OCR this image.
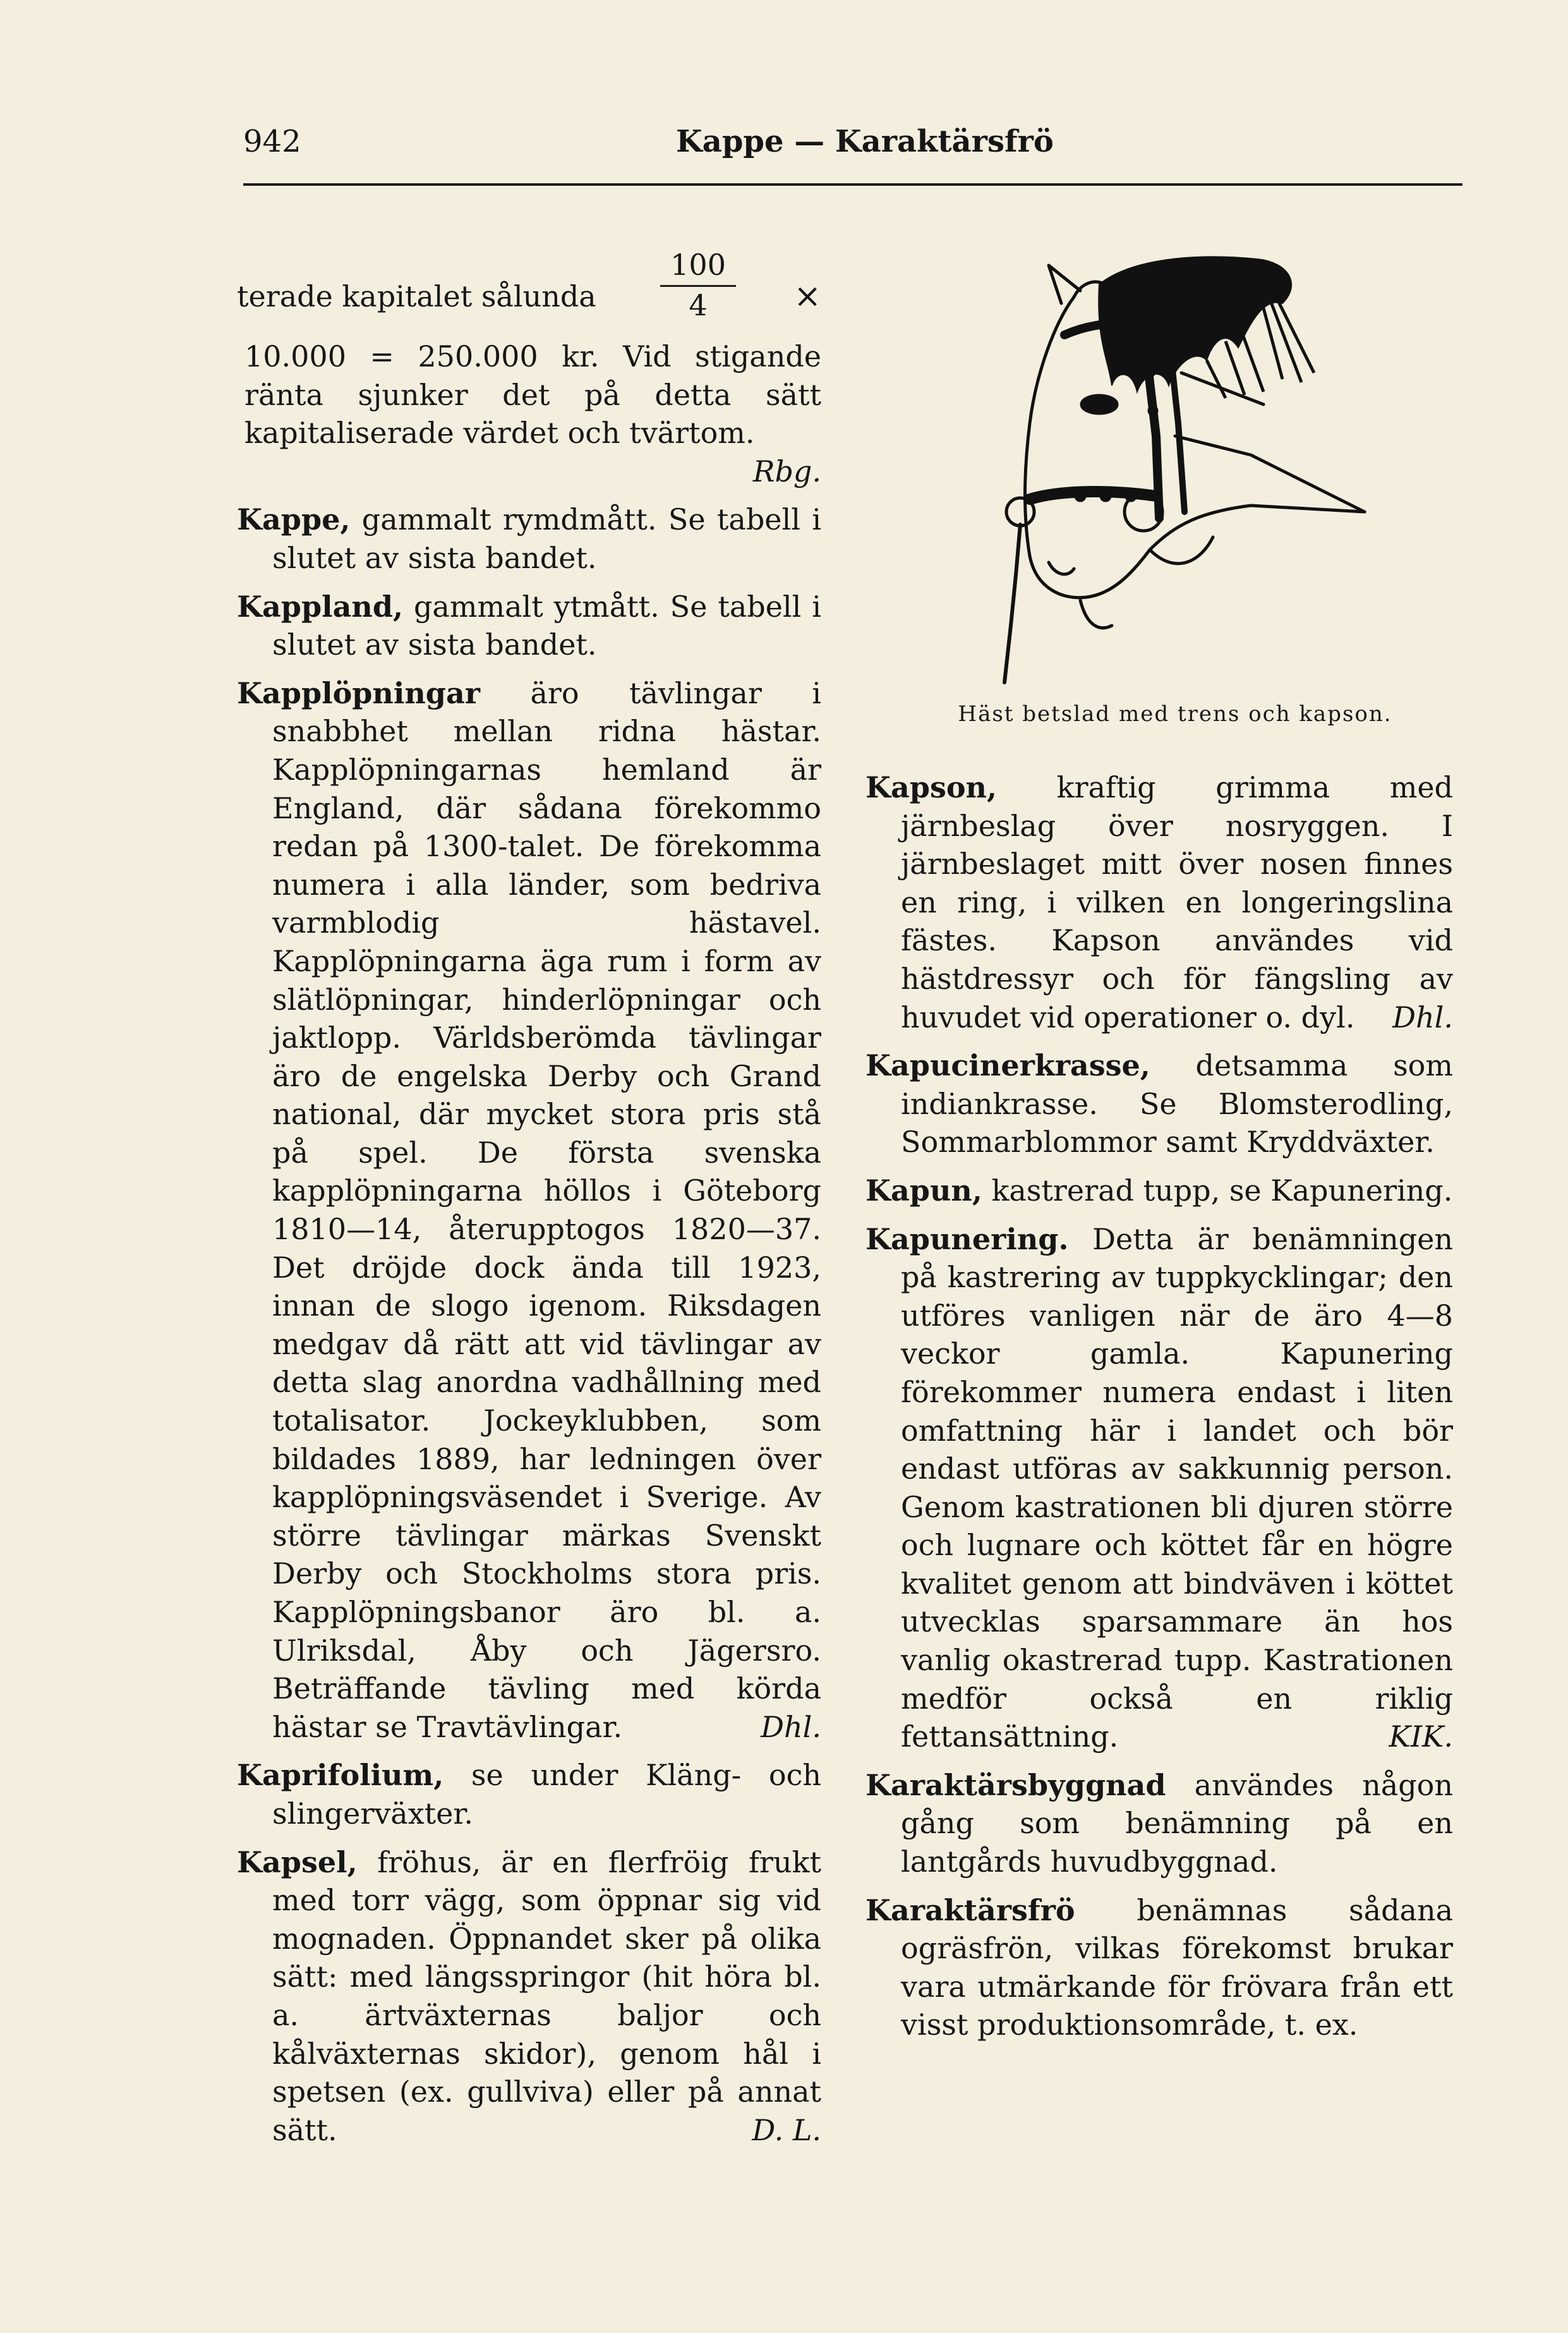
942	Kappe — Karaktärsfrö
terade kapitalet sålunda $\frac{100}{4}$ ×

10.000 = 250.000 kr. Vid stigande ränta sjunker det på detta sätt kapitaliserade värdet och tvärtom.
Rbg.

Kappe, gammalt rymdmått. Se tabell i slutet av sista bandet.

Kappland, gammalt ytmått. Se tabell i slutet av sista bandet.

Kapplöpningar äro tävlingar i snabbhet mellan ridna hästar. Kapplöpningarnas hemland är England, där sådana förekommo redan på 1300-talet. De förekomma numera i alla länder, som bedriva varmblodig hästavel. Kapplöpningarna äga rum i form av slätlöpningar, hinderlöpningar och jaktlopp. Världsberömda tävlingar äro de engelska Derby och Grand national, där mycket stora pris stå på spel. De första svenska kapplöpningarna höllos i Göteborg 1810—14, återupptogos 1820—37. Det dröjde dock ända till 1923, innan de slogo igenom. Riksdagen medgav då rätt att vid tävlingar av detta slag anordna vadhållning med totalisator. Jockeyklubben, som bildades 1889, har ledningen över kapplöpningsväsendet i Sverige. Av större tävlingar märkas Svenskt Derby och Stockholms stora pris. Kapplöpningsbanor äro bl. a. Ulriksdal, Åby och Jägersro. Beträffande tävling med körda hästar se Travtävlingar.	Dhl.

Kaprifolium, se under Kläng- och slingerväxter.

Kapsel, fröhus, är en flerfröig frukt med torr vägg, som öppnar sig vid mognaden. Öppnandet sker på olika sätt: med längsspringor (hit höra bl. a. ärtväxternas baljor och kålväxternas skidor), genom hål i spetsen (ex. gullviva) eller på annat sätt.	D. L.

Häst betslad med trens och kapson.

Kapson, kraftig grimma med järnbeslag över nosryggen. I järnbeslaget mitt över nosen finnes en ring, i vilken en longeringslina fästes. Kapson användes vid hästdressyr och för fängsling av huvudet vid operationer o. dyl. Dhl.

Kapucinerkrasse, detsamma som indiankrasse. Se Blomsterodling, Sommarblommor samt Kryddväxter.

Kapun, kastrerad tupp, se Kapunering.

Kapunering. Detta är benämningen på kastrering av tuppkycklingar; den utföres vanligen när de äro 4—8 veckor gamla. Kapunering förekommer numera endast i liten omfattning här i landet och bör endast utföras av sakkunnig person. Genom kastrationen bli djuren större och lugnare och köttet får en högre kvalitet genom att bindväven i köttet utvecklas sparsammare än hos vanlig okastrerad tupp. Kastrationen medför också en riklig fettansättning.	KIK.

Karaktärsbyggnad användes någon gång som benämning på en lantgårds huvudbyggnad.

Karaktärsfrö benämnas sådana ogräsfrön, vilkas förekomst brukar vara utmärkande för frövara från ett visst produktionsområde, t. ex.
